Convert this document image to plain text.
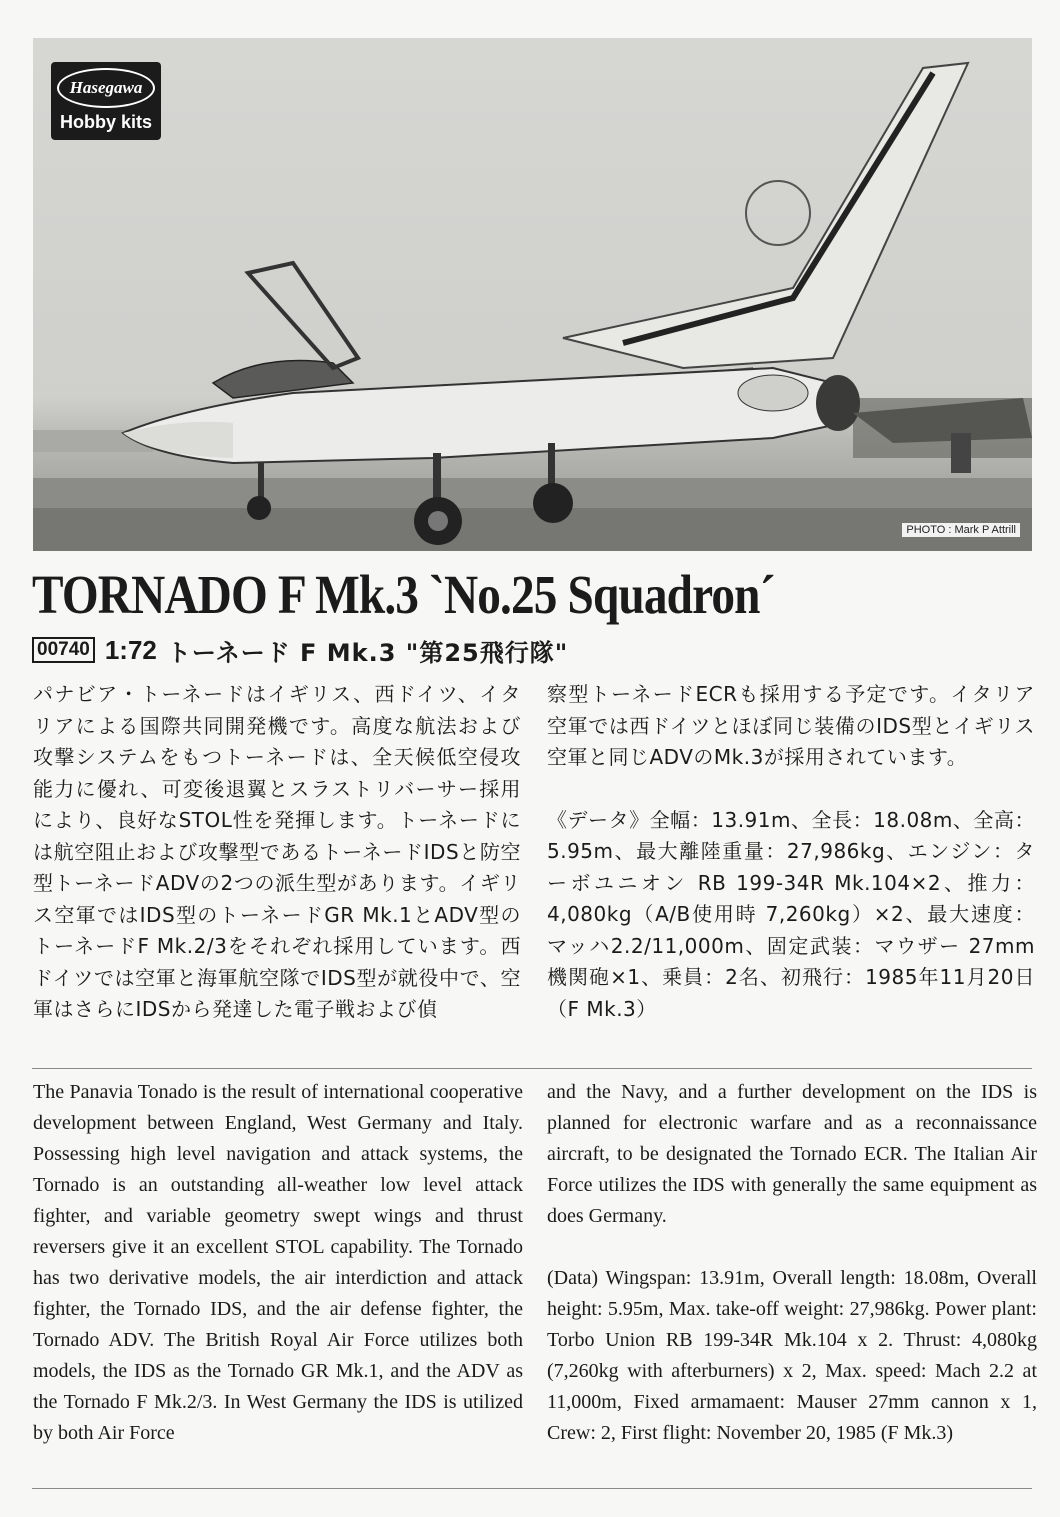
PHOTO : Mark P Attrill
Hasegawa
Hobby kits
TORNADO F Mk.3 `No.25 Squadron´
00740 1:72 トーネード F Mk.3 "第25飛行隊"

パナビア・トーネードはイギリス、西ドイツ、イタリアによる国際共同開発機です。高度な航法および攻撃システムをもつトーネードは、全天候低空侵攻能力に優れ、可変後退翼とスラストリバーサー採用により、良好なSTOL性を発揮します。トーネードには航空阻止および攻撃型であるトーネードIDSと防空型トーネードADVの2つの派生型があります。イギリス空軍ではIDS型のトーネードGR Mk.1とADV型のトーネードF Mk.2/3をそれぞれ採用しています。西ドイツでは空軍と海軍航空隊でIDS型が就役中で、空軍はさらにIDSから発達した電子戦および偵

察型トーネードECRも採用する予定です。イタリア空軍では西ドイツとほぼ同じ装備のIDS型とイギリス空軍と同じADVのMk.3が採用されています。

《データ》全幅：13.91m、全長：18.08m、全高：5.95m、最大離陸重量：27,986kg、エンジン：ターボユニオン RB 199-34R Mk.104×2、推力：4,080kg（A/B使用時 7,260kg）×2、最大速度：マッハ2.2/11,000m、固定武装：マウザー 27mm機関砲×1、乗員：2名、初飛行：1985年11月20日（F Mk.3）

The Panavia Tonado is the result of international cooperative development between England, West Germany and Italy. Possessing high level navigation and attack systems, the Tornado is an outstanding all-weather low level attack fighter, and variable geometry swept wings and thrust reversers give it an excellent STOL capability. The Tornado has two derivative models, the air interdiction and attack fighter, the Tornado IDS, and the air defense fighter, the Tornado ADV. The British Royal Air Force utilizes both models, the IDS as the Tornado GR Mk.1, and the ADV as the Tornado F Mk.2/3. In West Germany the IDS is utilized by both Air Force

and the Navy, and a further development on the IDS is planned for electronic warfare and as a reconnaissance aircraft, to be designated the Tornado ECR. The Italian Air Force utilizes the IDS with generally the same equipment as does Germany.

(Data) Wingspan: 13.91m, Overall length: 18.08m, Overall height: 5.95m, Max. take-off weight: 27,986kg. Power plant: Torbo Union RB 199-34R Mk.104 x 2. Thrust: 4,080kg (7,260kg with afterburners) x 2, Max. speed: Mach 2.2 at 11,000m, Fixed armamaent: Mauser 27mm cannon x 1, Crew: 2, First flight: November 20, 1985 (F Mk.3)
